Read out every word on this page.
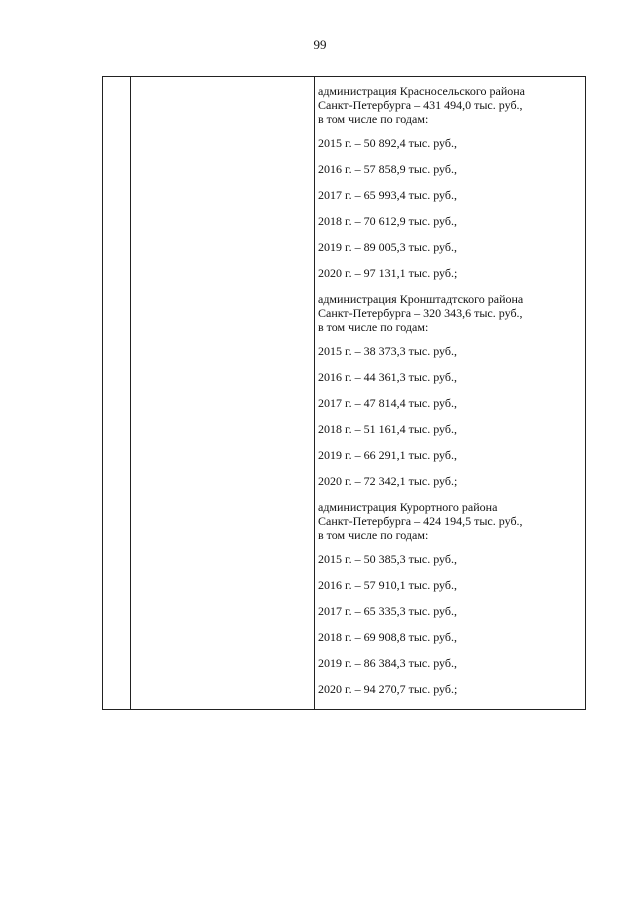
99
администрация Красносельского района
Санкт-Петербурга – 431 494,0 тыс. руб.,
в том числе по годам:
2015 г. – 50 892,4 тыс. руб.,
2016 г. – 57 858,9 тыс. руб.,
2017 г. – 65 993,4 тыс. руб.,
2018 г. – 70 612,9 тыс. руб.,
2019 г. – 89 005,3 тыс. руб.,
2020 г. – 97 131,1 тыс. руб.;
администрация Кронштадтского района
Санкт-Петербурга – 320 343,6 тыс. руб.,
в том числе по годам:
2015 г. – 38 373,3 тыс. руб.,
2016 г. – 44 361,3 тыс. руб.,
2017 г. – 47 814,4 тыс. руб.,
2018 г. – 51 161,4 тыс. руб.,
2019 г. – 66 291,1 тыс. руб.,
2020 г. – 72 342,1 тыс. руб.;
администрация Курортного района
Санкт-Петербурга – 424 194,5 тыс. руб.,
в том числе по годам:
2015 г. – 50 385,3 тыс. руб.,
2016 г. – 57 910,1 тыс. руб.,
2017 г. – 65 335,3 тыс. руб.,
2018 г. – 69 908,8 тыс. руб.,
2019 г. – 86 384,3 тыс. руб.,
2020 г. – 94 270,7 тыс. руб.;
